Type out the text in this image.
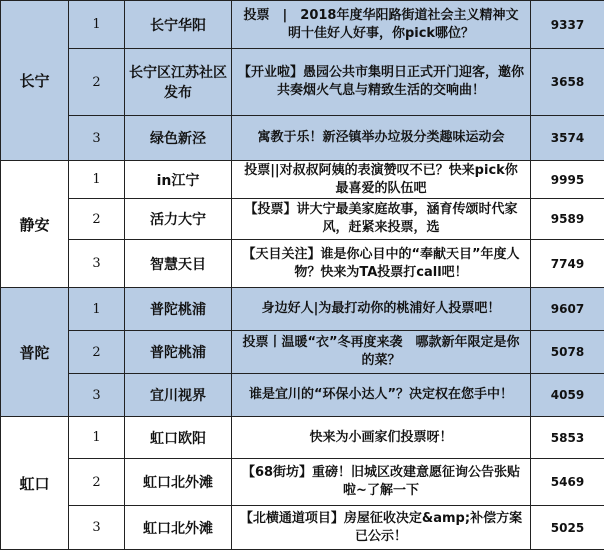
长宁	1	长宁华阳	投票　|　2018年度华阳路街道社会主义精神文明十佳好人好事，你pick哪位？	9337
	2	长宁区江苏社区发布	【开业啦】愚园公共市集明日正式开门迎客，邀你共奏烟火气息与精致生活的交响曲！	3658
	3	绿色新泾	寓教于乐！新泾镇举办垃圾分类趣味运动会	3574
静安	1	in江宁	投票||对叔叔阿姨的表演赞叹不已？快来pick你最喜爱的队伍吧	9995
	2	活力大宁	【投票】讲大宁最美家庭故事，涵育传颂时代家风，赶紧来投票，选	9589
	3	智慧天目	【天目关注】谁是你心目中的“奉献天目”年度人物？快来为TA投票打call吧！	7749
普陀	1	普陀桃浦	身边好人|为最打动你的桃浦好人投票吧！	9607
	2	普陀桃浦	投票丨温暖“衣”冬再度来袭　哪款新年限定是你的菜？	5078
	3	宜川视界	谁是宜川的“环保小达人”？决定权在您手中！	4059
虹口	1	虹口欧阳	快来为小画家们投票呀！	5853
	2	虹口北外滩	【68街坊】重磅！旧城区改建意愿征询公告张贴啦~了解一下	5469
	3	虹口北外滩	【北横通道项目】房屋征收决定&amp;补偿方案已公示！	5025
